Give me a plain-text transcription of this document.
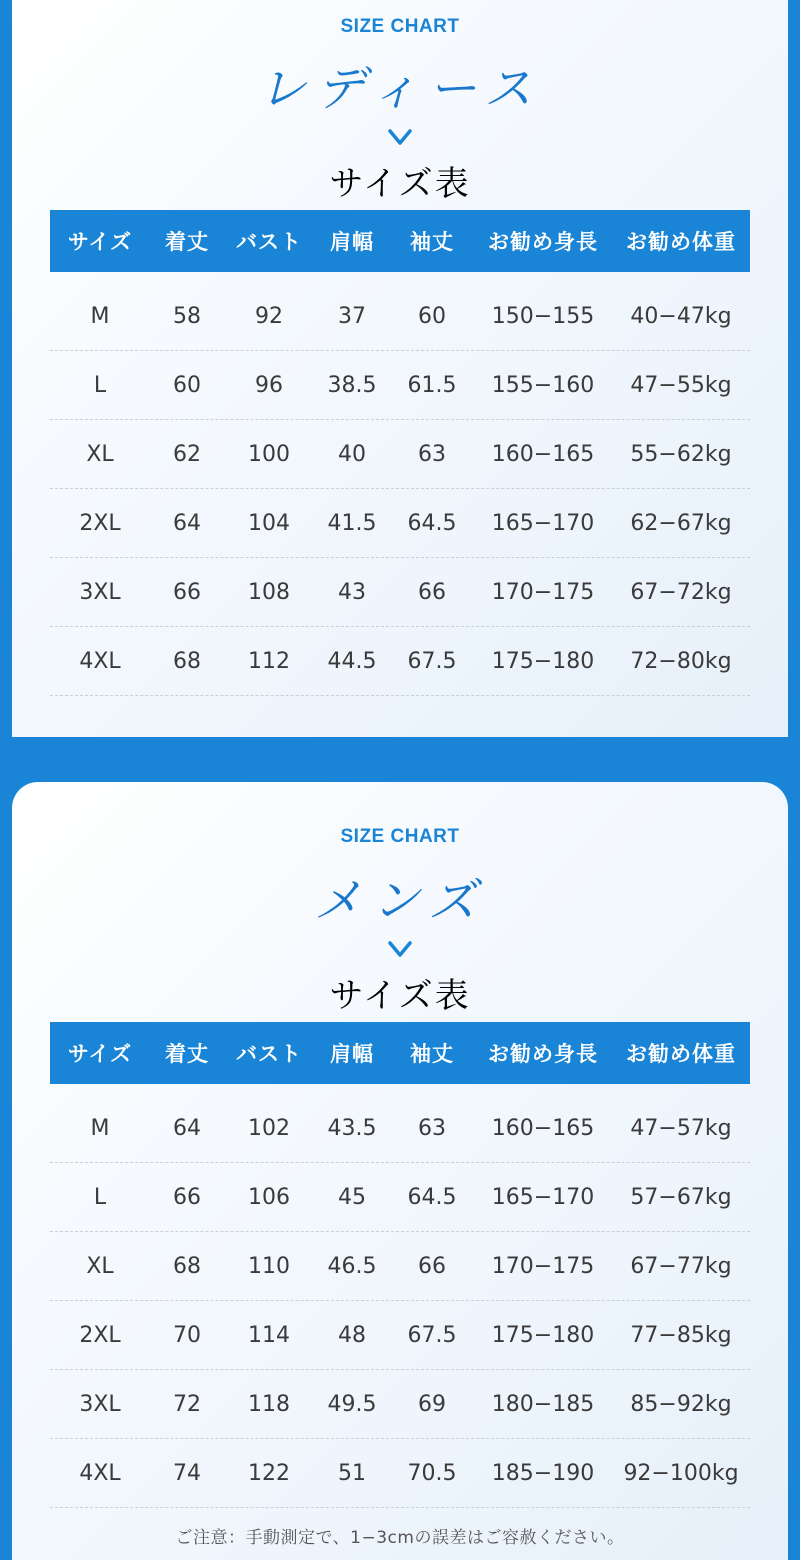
SIZE CHART
レディース
サイズ表
サイズ	着丈	バスト	肩幅	袖丈	お勧め身長	お勧め体重
M	58	92	37	60	150−155	40−47kg
L	60	96	38.5	61.5	155−160	47−55kg
XL	62	100	40	63	160−165	55−62kg
2XL	64	104	41.5	64.5	165−170	62−67kg
3XL	66	108	43	66	170−175	67−72kg
4XL	68	112	44.5	67.5	175−180	72−80kg
SIZE CHART
メンズ
サイズ表
サイズ	着丈	バスト	肩幅	袖丈	お勧め身長	お勧め体重
M	64	102	43.5	63	160−165	47−57kg
L	66	106	45	64.5	165−170	57−67kg
XL	68	110	46.5	66	170−175	67−77kg
2XL	70	114	48	67.5	175−180	77−85kg
3XL	72	118	49.5	69	180−185	85−92kg
4XL	74	122	51	70.5	185−190	92−100kg
ご注意：手動測定で、1−3cmの誤差はご容赦ください。
